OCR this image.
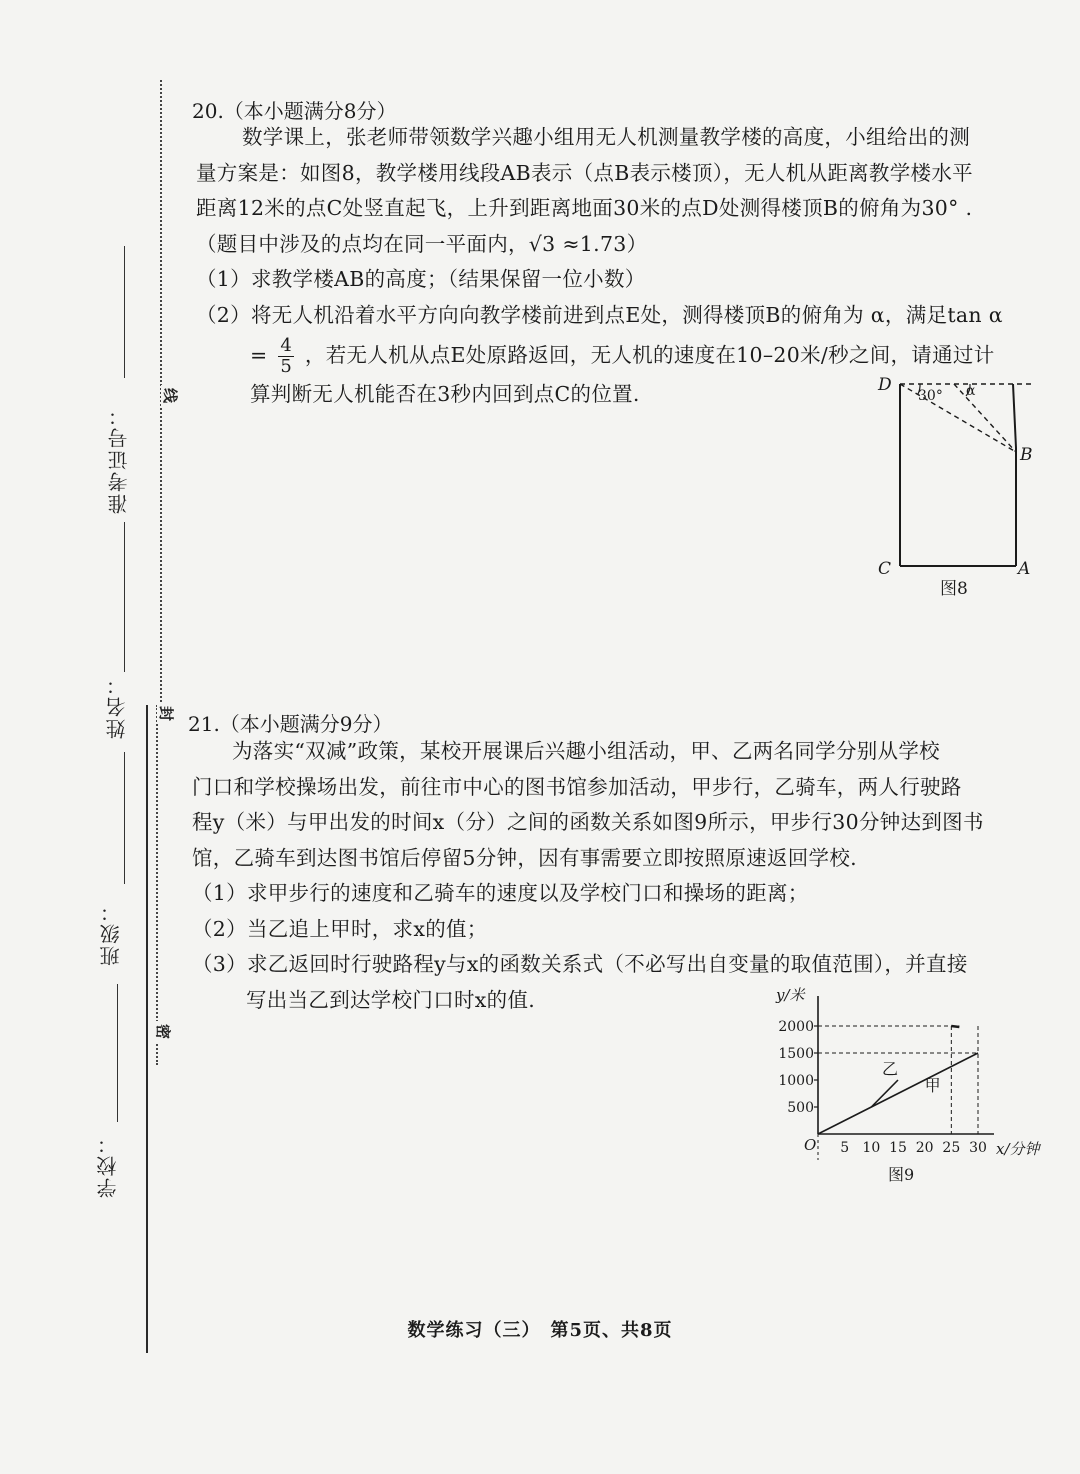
准考证号：
姓名：
班级：
学校：
线
封
密
20.（本小题满分8分）

数学课上，张老师带领数学兴趣小组用无人机测量教学楼的高度，小组给出的测

量方案是：如图8，教学楼用线段AB表示（点B表示楼顶），无人机从距离教学楼水平

距离12米的点C处竖直起飞，上升到距离地面30米的点D处测得楼顶B的俯角为30° .

（题目中涉及的点均在同一平面内，√3 ≈1.73）

（1）求教学楼AB的高度；（结果保留一位小数）

（2）将无人机沿着水平方向向教学楼前进到点E处，测得楼顶B的俯角为 α，满足tan α

= $\frac{4}{5}$ ，若无人机从点E处原路返回，无人机的速度在10–20米/秒之间，请通过计

算判断无人机能否在3秒内回到点C的位置.	D
30° α
B
C	A
图8
21.（本小题满分9分）

为落实“双减”政策，某校开展课后兴趣小组活动，甲、乙两名同学分别从学校

门口和学校操场出发，前往市中心的图书馆参加活动，甲步行，乙骑车，两人行驶路

程y（米）与甲出发的时间x（分）之间的函数关系如图9所示，甲步行30分钟达到图书

馆，乙骑车到达图书馆后停留5分钟，因有事需要立即按照原速返回学校.

（1）求甲步行的速度和乙骑车的速度以及学校门口和操场的距离；

（2）当乙追上甲时，求x的值；

（3）求乙返回时行驶路程y与x的函数关系式（不必写出自变量的取值范围），并直接

写出当乙到达学校门口时x的值.	y/米
x/分钟
O
500
1000
1500
2000
5 10 15 20 25 30
乙
甲
图9
数学练习（三）　第5页、共8页
